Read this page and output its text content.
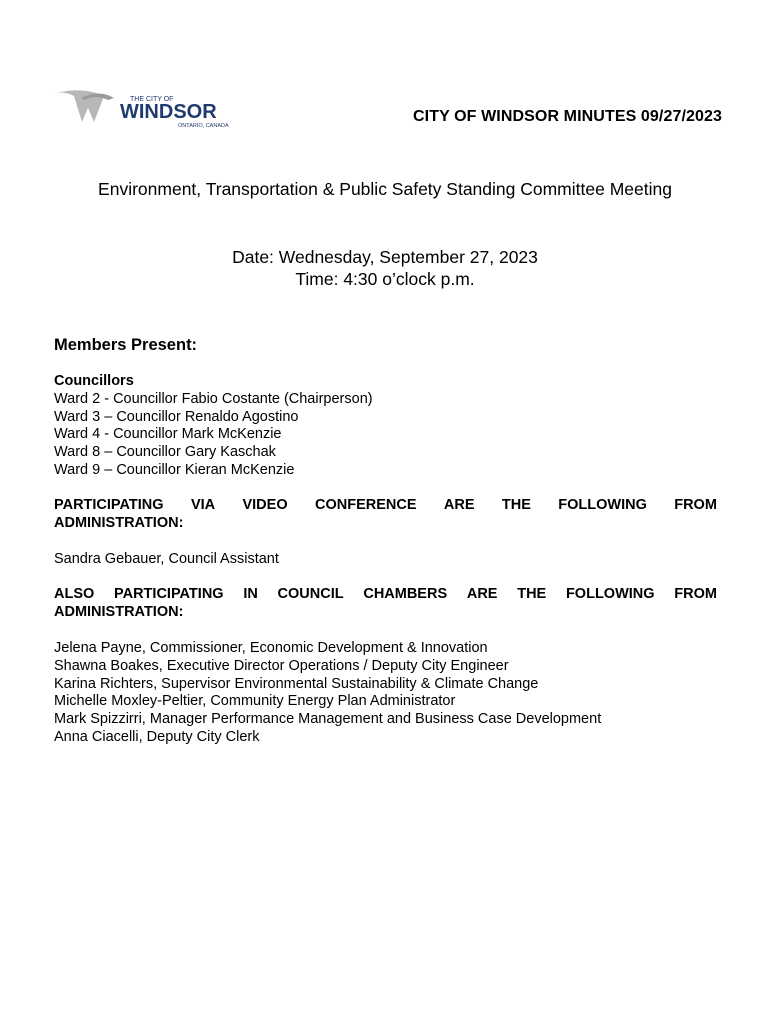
THE CITY OF
WINDSOR
ONTARIO, CANADA
CITY OF WINDSOR MINUTES 09/27/2023
Environment, Transportation & Public Safety Standing Committee Meeting
Date: Wednesday, September 27, 2023
Time: 4:30 o’clock p.m.
Members Present:
Councillors
Ward 2 - Councillor Fabio Costante (Chairperson)
Ward 3 – Councillor Renaldo Agostino
Ward 4 - Councillor Mark McKenzie
Ward 8 – Councillor Gary Kaschak
Ward 9 – Councillor Kieran McKenzie
PARTICIPATING VIA VIDEO CONFERENCE ARE THE FOLLOWING FROM
ADMINISTRATION:
Sandra Gebauer, Council Assistant
ALSO PARTICIPATING IN COUNCIL CHAMBERS ARE THE FOLLOWING FROM
ADMINISTRATION:
Jelena Payne, Commissioner, Economic Development & Innovation
Shawna Boakes, Executive Director Operations / Deputy City Engineer
Karina Richters, Supervisor Environmental Sustainability & Climate Change
Michelle Moxley-Peltier, Community Energy Plan Administrator
Mark Spizzirri, Manager Performance Management and Business Case Development
Anna Ciacelli, Deputy City Clerk
